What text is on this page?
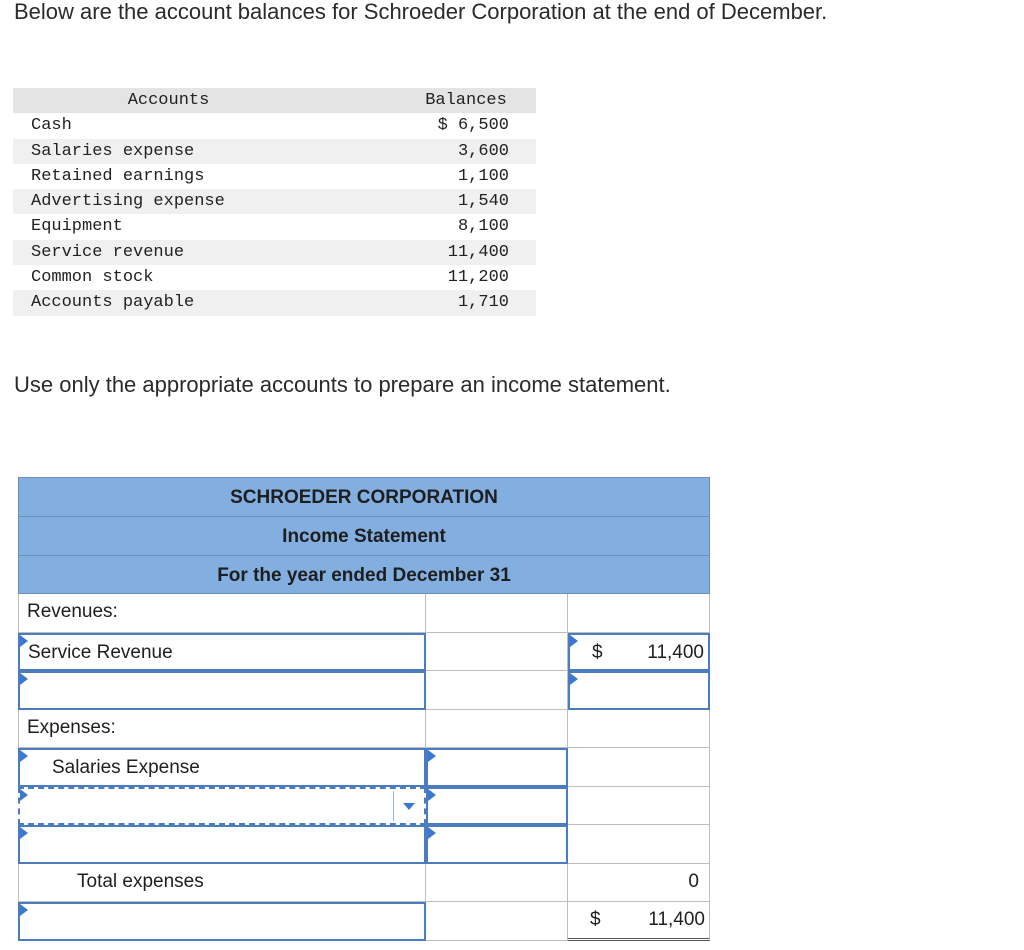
Below are the account balances for Schroeder Corporation at the end of December.
Accounts	Balances
Cash	$ 6,500
Salaries expense	3,600
Retained earnings	1,100
Advertising expense	1,540
Equipment	8,100
Service revenue	11,400
Common stock	11,200
Accounts payable	1,710
Use only the appropriate accounts to prepare an income statement.
SCHROEDER CORPORATION
Income Statement
For the year ended December 31
Revenues:
Service Revenue	$ 11,400
Expenses:
Salaries Expense
Total expenses	0
$	11,400
